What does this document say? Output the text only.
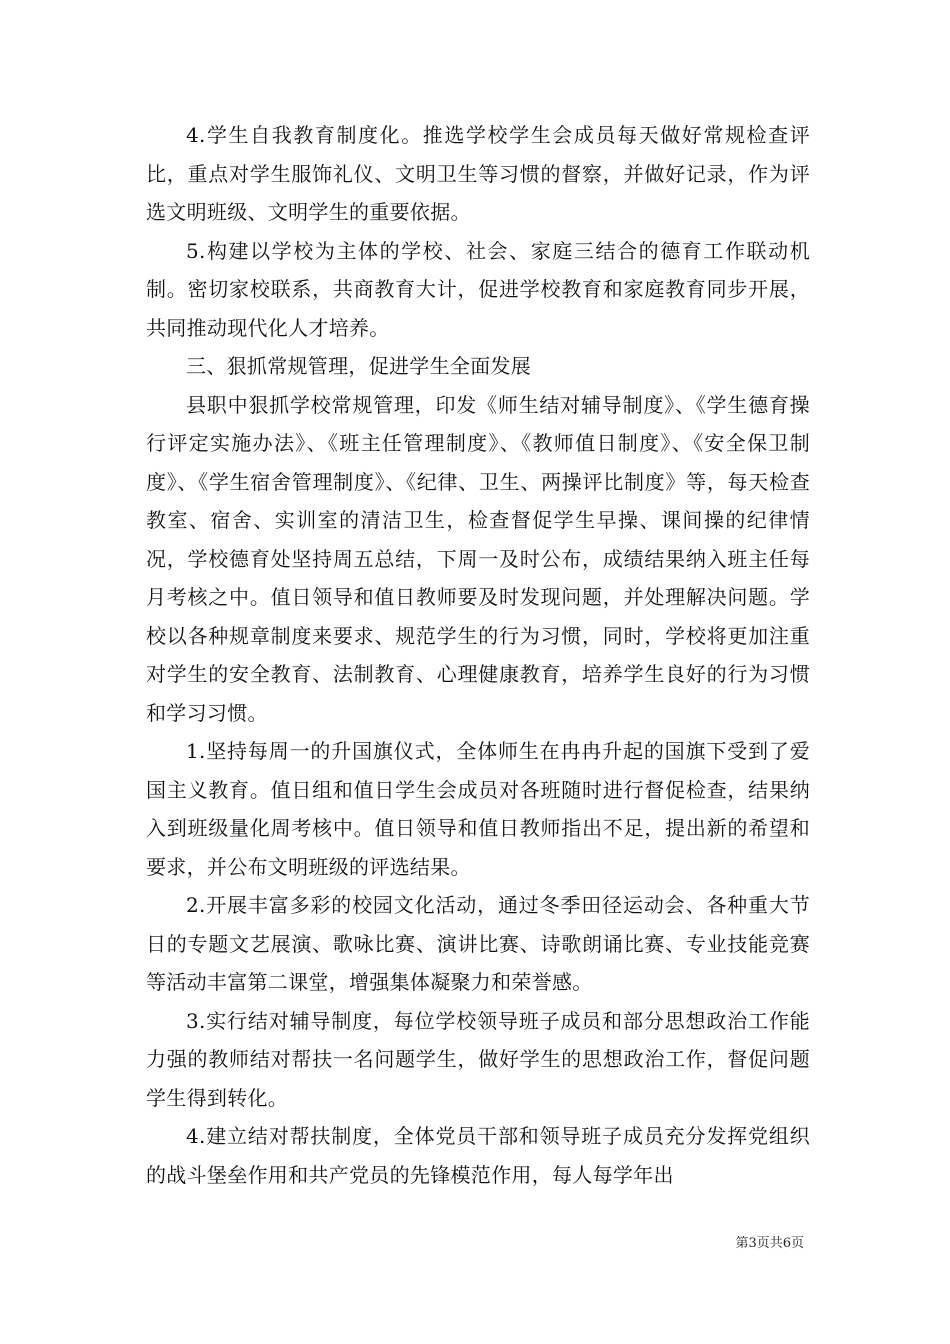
4.学生自我教育制度化。推选学校学生会成员每天做好常规检查评比，重点对学生服饰礼仪、文明卫生等习惯的督察，并做好记录，作为评选文明班级、文明学生的重要依据。

5.构建以学校为主体的学校、社会、家庭三结合的德育工作联动机制。密切家校联系，共商教育大计，促进学校教育和家庭教育同步开展，共同推动现代化人才培养。

三、狠抓常规管理，促进学生全面发展

县职中狠抓学校常规管理，印发《师生结对辅导制度》、《学生德育操行评定实施办法》、《班主任管理制度》、《教师值日制度》、《安全保卫制度》、《学生宿舍管理制度》、《纪律、卫生、两操评比制度》等，每天检查教室、宿舍、实训室的清洁卫生，检查督促学生早操、课间操的纪律情况，学校德育处坚持周五总结，下周一及时公布，成绩结果纳入班主任每月考核之中。值日领导和值日教师要及时发现问题，并处理解决问题。学校以各种规章制度来要求、规范学生的行为习惯，同时，学校将更加注重对学生的安全教育、法制教育、心理健康教育，培养学生良好的行为习惯和学习习惯。

1.坚持每周一的升国旗仪式，全体师生在冉冉升起的国旗下受到了爱国主义教育。值日组和值日学生会成员对各班随时进行督促检查，结果纳入到班级量化周考核中。值日领导和值日教师指出不足，提出新的希望和要求，并公布文明班级的评选结果。

2.开展丰富多彩的校园文化活动，通过冬季田径运动会、各种重大节日的专题文艺展演、歌咏比赛、演讲比赛、诗歌朗诵比赛、专业技能竞赛等活动丰富第二课堂，增强集体凝聚力和荣誉感。

3.实行结对辅导制度，每位学校领导班子成员和部分思想政治工作能力强的教师结对帮扶一名问题学生，做好学生的思想政治工作，督促问题学生得到转化。

4.建立结对帮扶制度，全体党员干部和领导班子成员充分发挥党组织的战斗堡垒作用和共产党员的先锋模范作用，每人每学年出

第3页共6页
